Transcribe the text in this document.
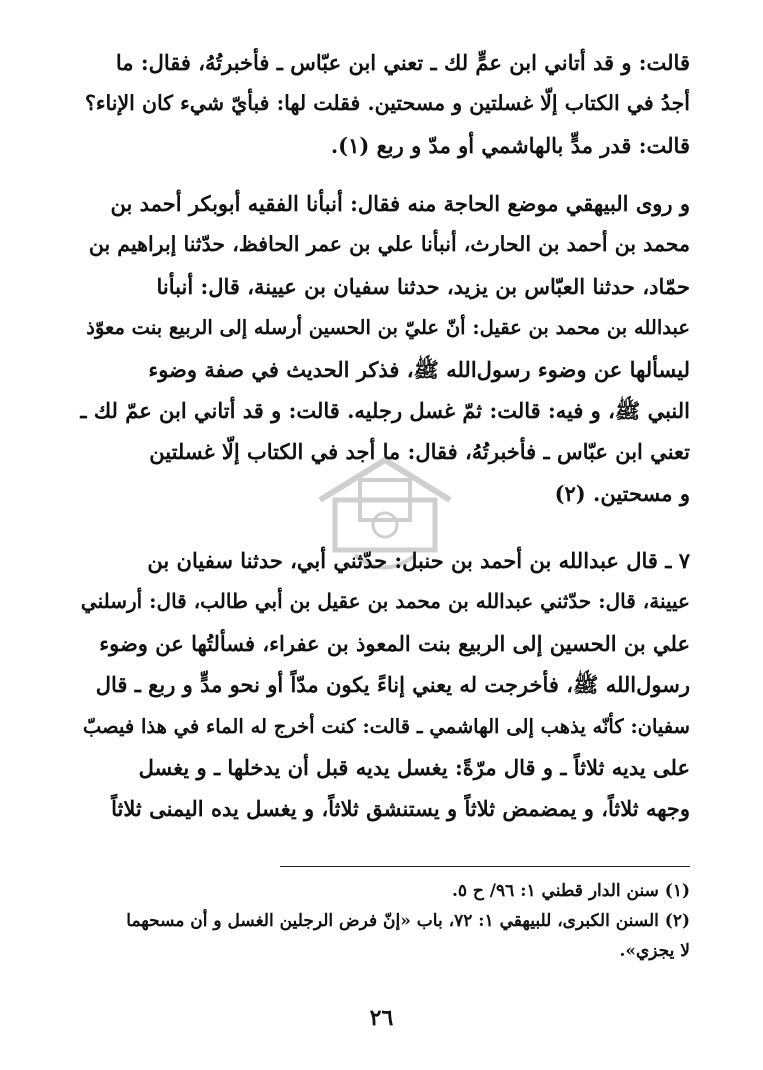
قالت: و قد أتاني ابن عمٍّ لك ـ تعني ابن عبّاس ـ فأخبرتُهُ، فقال: ما
أجدُ في الكتاب إلّا غسلتين و مسحتين. فقلت لها: فبأيّ شيء كان الإناء؟
قالت: قدر مدٍّ بالهاشمي أو مدّ و ربع (١).
و روى البيهقي موضع الحاجة منه فقال: أنبأنا الفقيه أبوبكر أحمد بن
محمد بن أحمد بن الحارث، أنبأنا علي بن عمر الحافظ، حدّثنا إبراهيم بن
حمّاد، حدثنا العبّاس بن يزيد، حدثنا سفيان بن عيينة، قال: أنبأنا
عبدالله بن محمد بن عقيل: أنّ عليّ بن الحسين أرسله إلى الربيع بنت معوّذ
ليسألها عن وضوء رسول‌الله ﷺ، فذكر الحديث في صفة وضوء
النبي ﷺ، و فيه: قالت: ثمّ غسل رجليه. قالت: و قد أتاني ابن عمّ لك ـ
تعني ابن عبّاس ـ فأخبرتُهُ، فقال: ما أجد في الكتاب إلّا غسلتين
و مسحتين. (٢)
٧ ـ قال عبدالله بن أحمد بن حنبل: حدّثني أبي، حدثنا سفيان بن
عيينة، قال: حدّثني عبدالله بن محمد بن عقيل بن أبي طالب، قال: أرسلني
علي بن الحسين إلى الربيع بنت المعوذ بن عفراء، فسألتُها عن وضوء
رسول‌الله ﷺ، فأخرجت له يعني إناءً يكون مدّاً أو نحو مدٍّ و ربع ـ قال
سفيان: كأنّه يذهب إلى الهاشمي ـ قالت: كنت أخرج له الماء في هذا فيصبّ
على يديه ثلاثاً ـ و قال مرّةً: يغسل يديه قبل أن يدخلها ـ و يغسل
وجهه ثلاثاً، و يمضمض ثلاثاً و يستنشق ثلاثاً، و يغسل يده اليمنى ثلاثاً
(١) سنن الدار قطني ١: ٩٦/ ح ٥.
(٢) السنن الكبرى، للبيهقي ١: ٧٢، باب «إنّ فرض الرجلين الغسل و أن مسحهما
لا يجزي».
٢٦
